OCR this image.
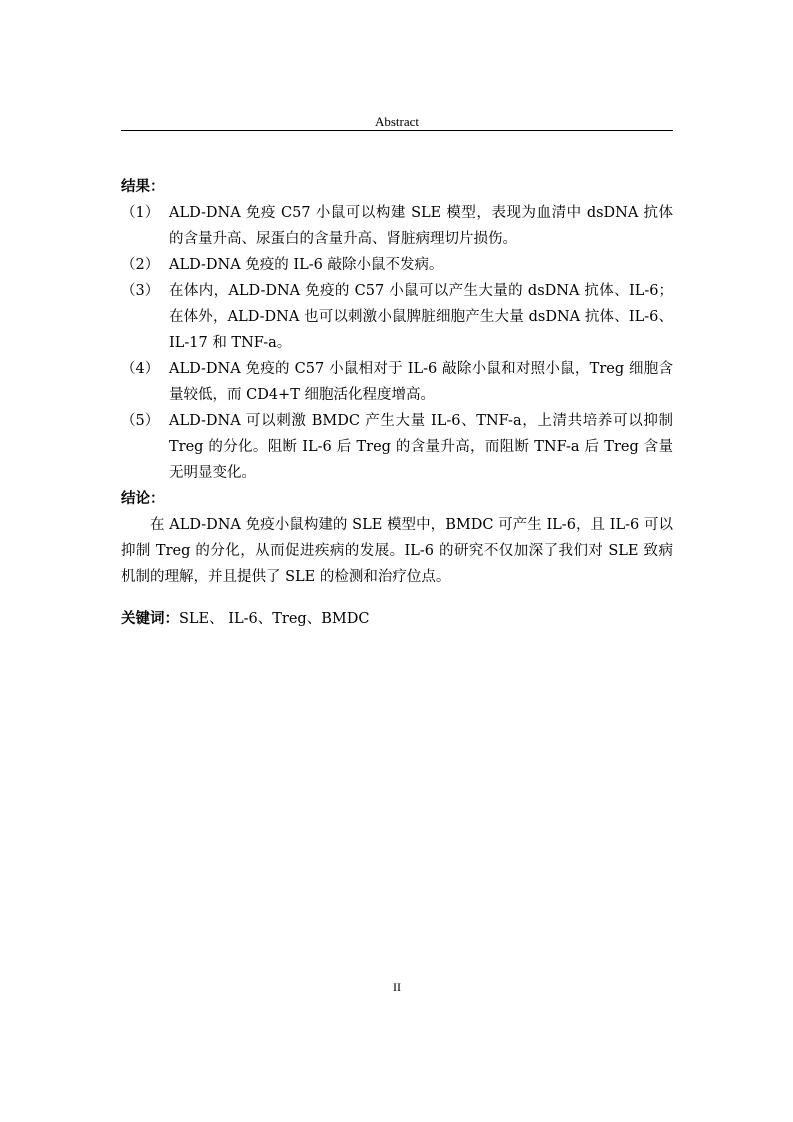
Abstract
结果：
（1） ALD-DNA 免疫 C57 小鼠可以构建 SLE 模型，表现为血清中 dsDNA 抗体的含量升高、尿蛋白的含量升高、肾脏病理切片损伤。
（2） ALD-DNA 免疫的 IL-6 敲除小鼠不发病。
（3） 在体内，ALD-DNA 免疫的 C57 小鼠可以产生大量的 dsDNA 抗体、IL-6；在体外，ALD-DNA 也可以刺激小鼠脾脏细胞产生大量 dsDNA 抗体、IL-6、IL-17 和 TNF-a。
（4） ALD-DNA 免疫的 C57 小鼠相对于 IL-6 敲除小鼠和对照小鼠，Treg 细胞含量较低，而 CD4+T 细胞活化程度增高。
（5） ALD-DNA 可以刺激 BMDC 产生大量 IL-6、TNF-a，上清共培养可以抑制 Treg 的分化。阻断 IL-6 后 Treg 的含量升高，而阻断 TNF-a 后 Treg 含量无明显变化。
结论：
在 ALD-DNA 免疫小鼠构建的 SLE 模型中，BMDC 可产生 IL-6，且 IL-6 可以抑制 Treg 的分化，从而促进疾病的发展。IL-6 的研究不仅加深了我们对 SLE 致病机制的理解，并且提供了 SLE 的检测和治疗位点。
关键词：SLE、 IL-6、Treg、BMDC
II
